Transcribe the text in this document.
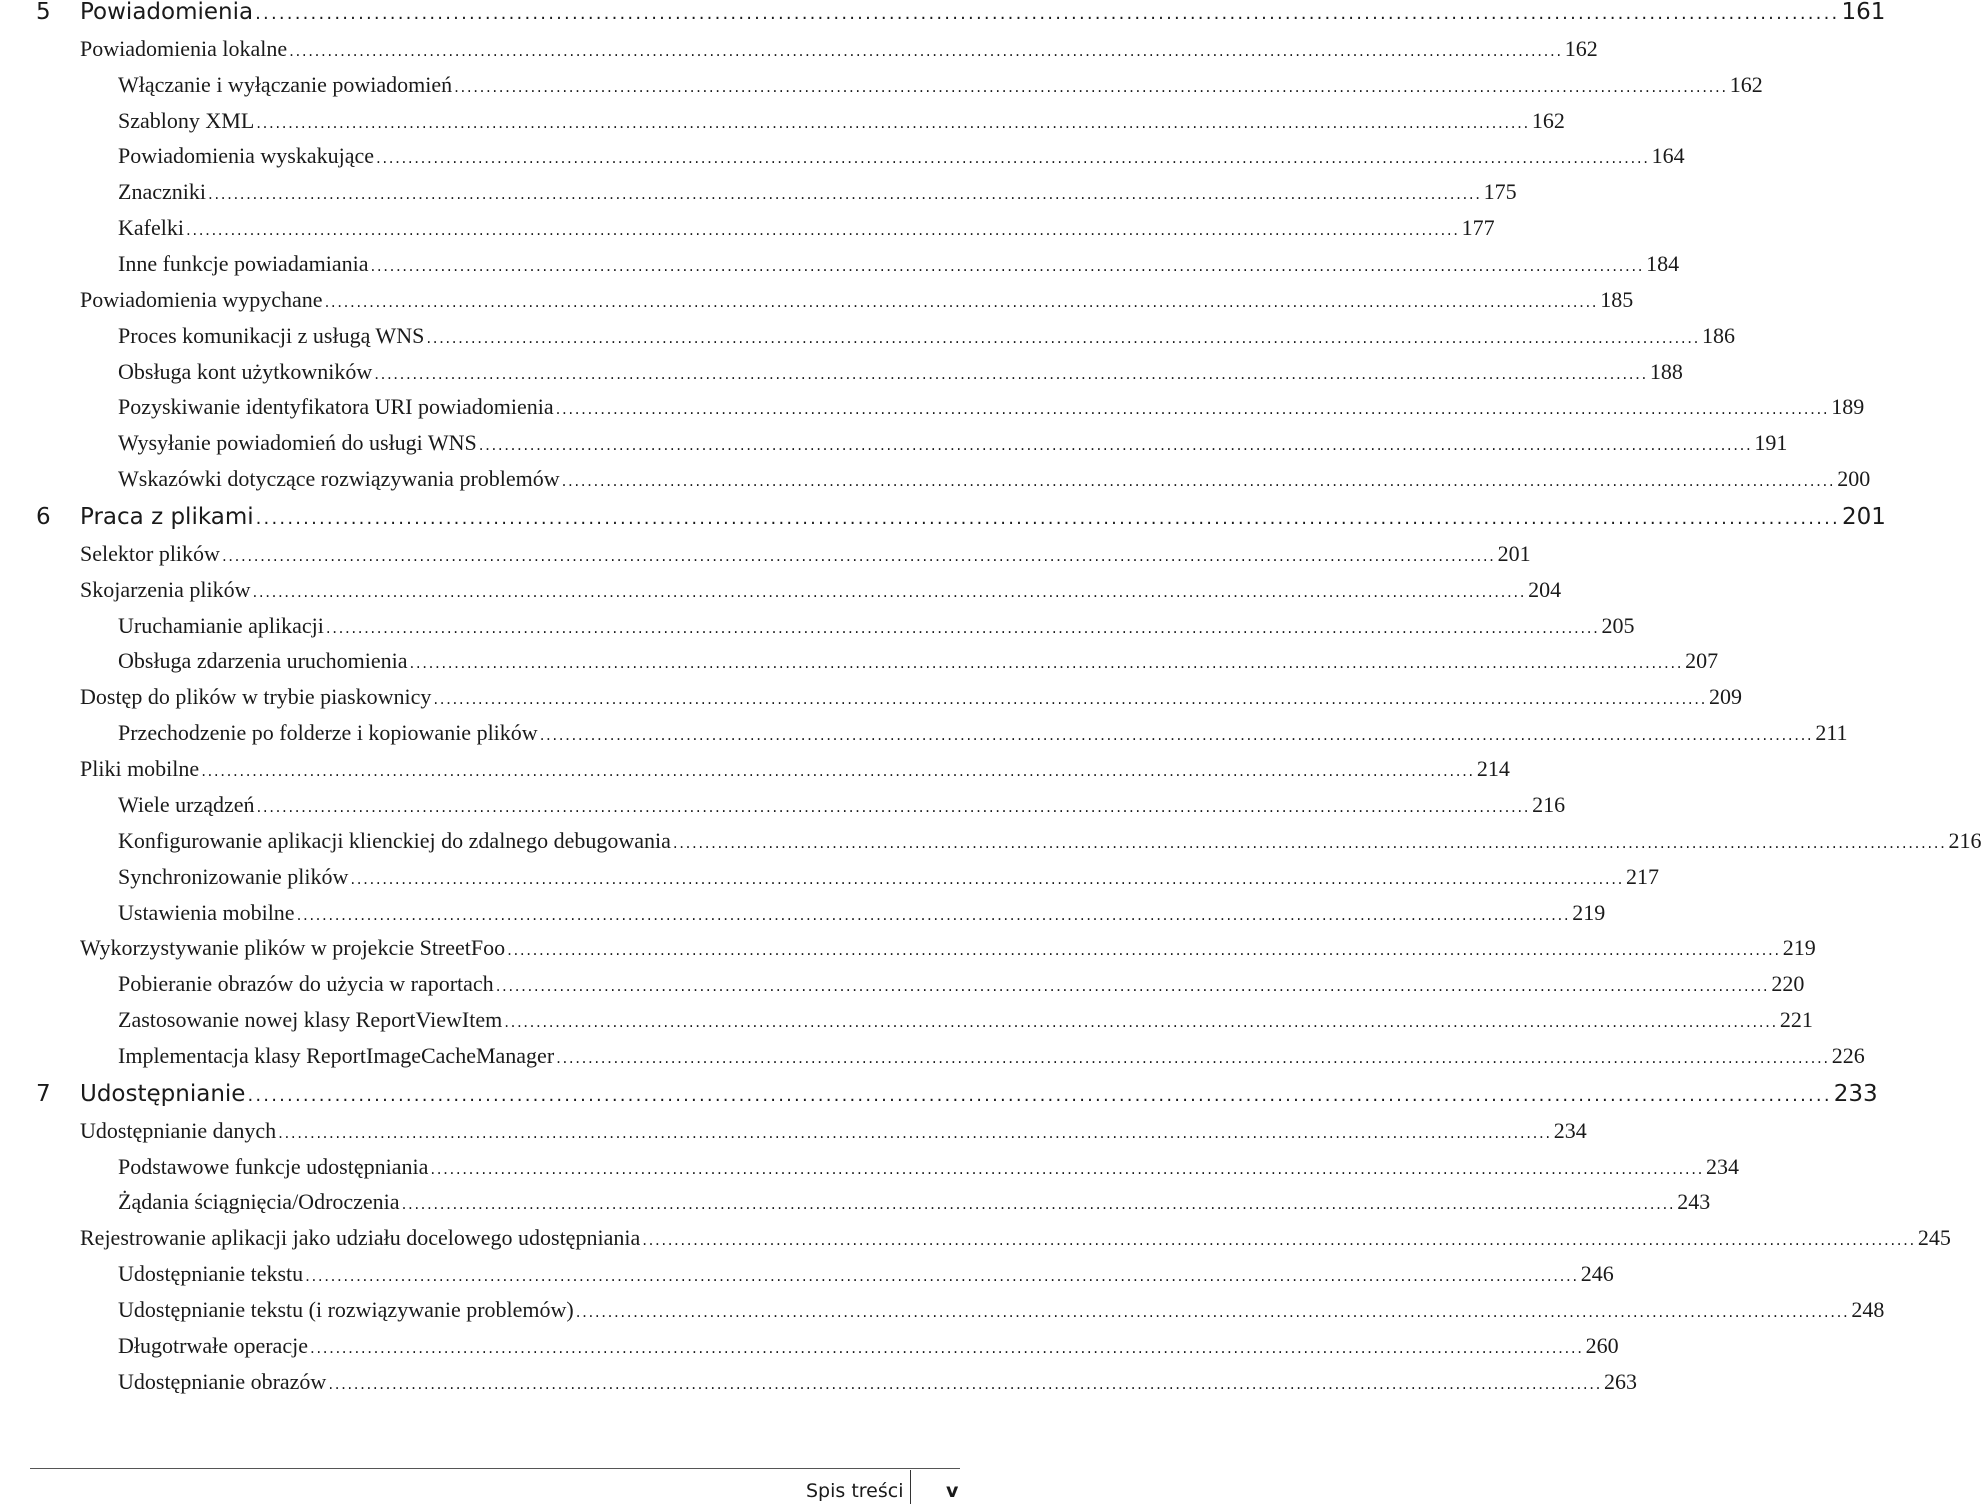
5 Powiadomienia ........................................................................................................................................................................................................ 161
Powiadomienia lokalne ........................................................................................................................................................................................................ 162
Włączanie i wyłączanie powiadomień ........................................................................................................................................................................................................ 162
Szablony XML ........................................................................................................................................................................................................ 162
Powiadomienia wyskakujące ........................................................................................................................................................................................................ 164
Znaczniki ........................................................................................................................................................................................................ 175
Kafelki ........................................................................................................................................................................................................ 177
Inne funkcje powiadamiania ........................................................................................................................................................................................................ 184
Powiadomienia wypychane ........................................................................................................................................................................................................ 185
Proces komunikacji z usługą WNS ........................................................................................................................................................................................................ 186
Obsługa kont użytkowników ........................................................................................................................................................................................................ 188
Pozyskiwanie identyfikatora URI powiadomienia ........................................................................................................................................................................................................ 189
Wysyłanie powiadomień do usługi WNS ........................................................................................................................................................................................................ 191
Wskazówki dotyczące rozwiązywania problemów ........................................................................................................................................................................................................ 200
6 Praca z plikami ........................................................................................................................................................................................................ 201
Selektor plików ........................................................................................................................................................................................................ 201
Skojarzenia plików ........................................................................................................................................................................................................ 204
Uruchamianie aplikacji ........................................................................................................................................................................................................ 205
Obsługa zdarzenia uruchomienia ........................................................................................................................................................................................................ 207
Dostęp do plików w trybie piaskownicy ........................................................................................................................................................................................................ 209
Przechodzenie po folderze i kopiowanie plików ........................................................................................................................................................................................................ 211
Pliki mobilne ........................................................................................................................................................................................................ 214
Wiele urządzeń ........................................................................................................................................................................................................ 216
Konfigurowanie aplikacji klienckiej do zdalnego debugowania ........................................................................................................................................................................................................ 216
Synchronizowanie plików ........................................................................................................................................................................................................ 217
Ustawienia mobilne ........................................................................................................................................................................................................ 219
Wykorzystywanie plików w projekcie StreetFoo ........................................................................................................................................................................................................ 219
Pobieranie obrazów do użycia w raportach ........................................................................................................................................................................................................ 220
Zastosowanie nowej klasy ReportViewItem ........................................................................................................................................................................................................ 221
Implementacja klasy ReportImageCacheManager ........................................................................................................................................................................................................ 226
7 Udostępnianie ........................................................................................................................................................................................................ 233
Udostępnianie danych ........................................................................................................................................................................................................ 234
Podstawowe funkcje udostępniania ........................................................................................................................................................................................................ 234
Żądania ściągnięcia/Odroczenia ........................................................................................................................................................................................................ 243
Rejestrowanie aplikacji jako udziału docelowego udostępniania ........................................................................................................................................................................................................ 245
Udostępnianie tekstu ........................................................................................................................................................................................................ 246
Udostępnianie tekstu (i rozwiązywanie problemów) ........................................................................................................................................................................................................ 248
Długotrwałe operacje ........................................................................................................................................................................................................ 260
Udostępnianie obrazów ........................................................................................................................................................................................................ 263
Spis treści v
